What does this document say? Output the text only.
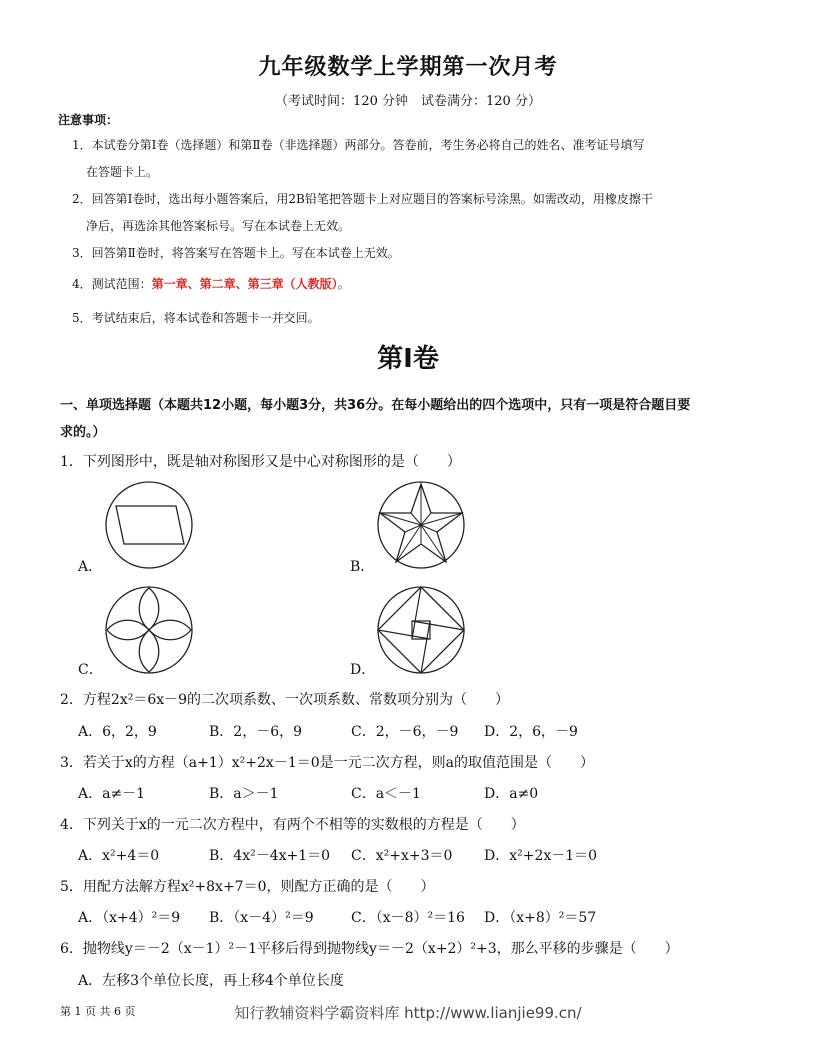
九年级数学上学期第一次月考
（考试时间：120 分钟　试卷满分：120 分）
注意事项：
1．本试卷分第Ⅰ卷（选择题）和第Ⅱ卷（非选择题）两部分。答卷前，考生务必将自己的姓名、准考证号填写
在答题卡上。
2．回答第Ⅰ卷时，选出每小题答案后，用2B铅笔把答题卡上对应题目的答案标号涂黑。如需改动，用橡皮擦干
净后，再选涂其他答案标号。写在本试卷上无效。
3．回答第Ⅱ卷时，将答案写在答题卡上。写在本试卷上无效。
4．测试范围：第一章、第二章、第三章（人教版）。
5．考试结束后，将本试卷和答题卡一并交回。
第Ⅰ卷
一、单项选择题（本题共12小题，每小题3分，共36分。在每小题给出的四个选项中，只有一项是符合题目要
求的。）
1．下列图形中，既是轴对称图形又是中心对称图形的是（　　）
A．	B．
C．	D．
2．方程2x²＝6x－9的二次项系数、一次项系数、常数项分别为（　　）
A．6，2，9	B．2，－6，9	C．2，－6，－9 D．2，6，－9
3．若关于x的方程（a+1）x²+2x－1＝0是一元二次方程，则a的取值范围是（　　）
A．a≠－1	B．a＞－1	C．a＜－1	D．a≠0
4．下列关于x的一元二次方程中，有两个不相等的实数根的方程是（　　）
A．x²+4＝0	B．4x²－4x+1＝0 C．x²+x+3＝0 D．x²+2x－1＝0
5．用配方法解方程x²+8x+7＝0，则配方正确的是（　　）
A．（x+4）²＝9 B．（x－4）²＝9	C．（x－8）²＝16 D．（x+8）²＝57
6．抛物线y＝－2（x－1）²－1平移后得到抛物线y＝－2（x+2）²+3，那么平移的步骤是（　　）
A．左移3个单位长度，再上移4个单位长度
第 1 页 共 6 页	知行教辅资料学霸资料库 http://www.lianjie99.cn/
